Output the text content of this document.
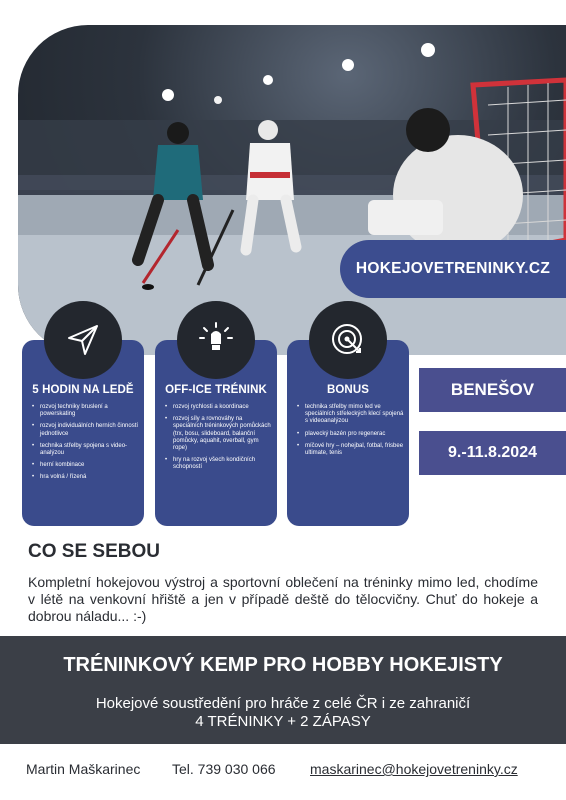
HOKEJOVETRENINKY.CZ
5 HODIN NA LEDĚ
• rozvoj techniky bruslení a powerskating
• rozvoj individuálních herních činností jednotlivce
• technika střelby spojena s video-analýzou
• herní kombinace
• hra volná / řízená
OFF-ICE TRÉNINK
• rozvoj rychlosti a koordinace
• rozvoj síly a rovnováhy na speciálních tréninkových pomůckách (trx, bosu, slideboard, balanční pomůcky, aquahit, overball, gym rope)
• hry na rozvoj všech kondičních schopností
BONUS
• technika střelby mimo led ve speciálních střeleckých klecí spojená s videoanalýzou
• plavecký bazén pro regenerac
• míčové hry – nohejbal, fotbal, frisbee ultimate, tenis
BENEŠOV
9.-11.8.2024
CO SE SEBOU

Kompletní hokejovou výstroj a sportovní oblečení na tréninky mimo led, chodíme v létě na venkovní hřiště a jen v případě deště do tělocvičny. Chuť do hokeje a dobrou náladu... :-)

TRÉNINKOVÝ KEMP PRO HOBBY HOKEJISTY
Hokejové soustředění pro hráče z celé ČR i ze zahraničí
4 TRÉNINKY + 2 ZÁPASY
Martin Maškarinec Tel. 739 030 066 maskarinec@hokejovetreninky.cz
